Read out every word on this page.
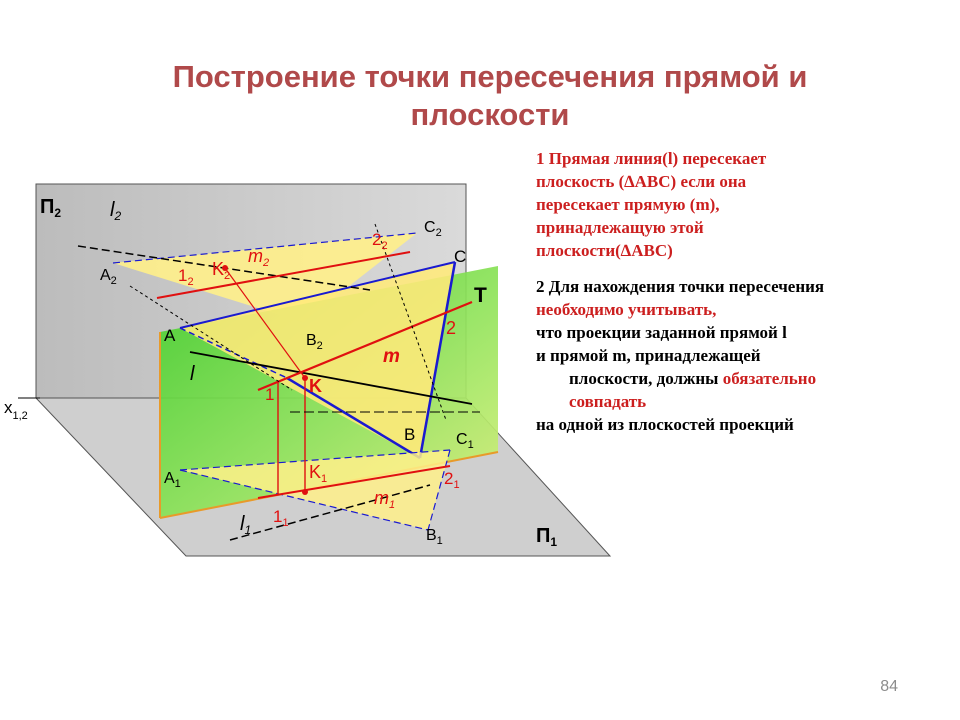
Построение точки пересечения прямой и
плоскости
$П_2$
$П_1$
$x_{1,2}$
$l_2$
$A_2$	$1_2$
$K_2$
$m_2$
$2_2$
$C_2$
$B_2$
C
T
A	2
m
l
K
1
B
$A_1$
$K_1$
$C_1$
$2_1$
$m_1$
$l_1$
$1_1$
$B_1$

1 Прямая линия(l) пересекает
плоскость (∆ABC) если она
пересекает прямую (m),
принадлежащую этой
плоскости(∆ABC)

2 Для нахождения точки пересечения
необходимо учитывать,
что проекции заданной прямой l
и прямой m, принадлежащей
плоскости, должны обязательно
совпадать
на одной из плоскостей проекций

84
